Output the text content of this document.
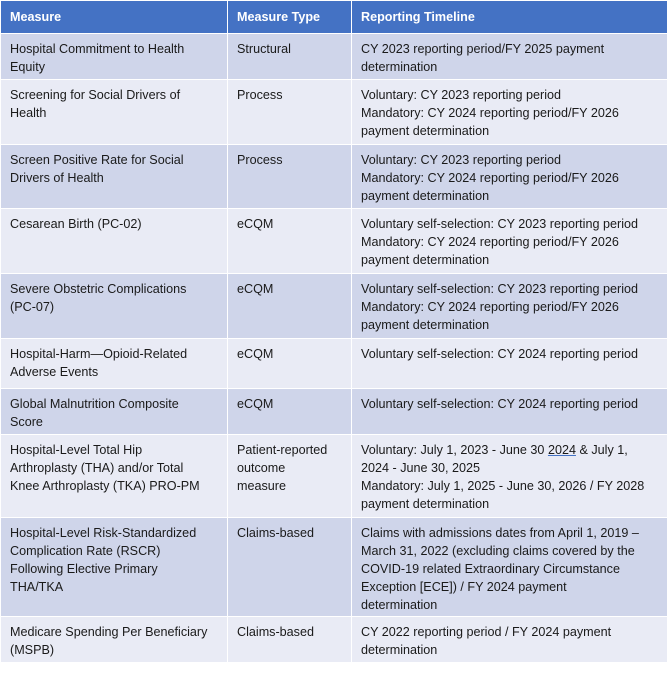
Measure	Measure Type	Reporting Timeline

Hospital Commitment to Health
Equity	Structural	CY 2023 reporting period/FY 2025 payment
determination

Screening for Social Drivers of
Health	Process	Voluntary: CY 2023 reporting period
Mandatory: CY 2024 reporting period/FY 2026
payment determination

Screen Positive Rate for Social
Drivers of Health	Process	Voluntary: CY 2023 reporting period
Mandatory: CY 2024 reporting period/FY 2026
payment determination

Cesarean Birth (PC-02)	eCQM	Voluntary self-selection: CY 2023 reporting period
Mandatory: CY 2024 reporting period/FY 2026
payment determination

Severe Obstetric Complications
(PC-07)	eCQM	Voluntary self-selection: CY 2023 reporting period
Mandatory: CY 2024 reporting period/FY 2026
payment determination

Hospital-Harm—Opioid-Related
Adverse Events	eCQM	Voluntary self-selection: CY 2024 reporting period

Global Malnutrition Composite
Score	eCQM	Voluntary self-selection: CY 2024 reporting period

Hospital-Level Total Hip
Arthroplasty (THA) and/or Total
Knee Arthroplasty (TKA) PRO-PM	Patient-reported
outcome
measure	Voluntary: July 1, 2023 - June 30 2024 & July 1,
2024 - June 30, 2025
Mandatory: July 1, 2025 - June 30, 2026 / FY 2028
payment determination

Hospital-Level Risk-Standardized
Complication Rate (RSCR)
Following Elective Primary
THA/TKA	Claims-based	Claims with admissions dates from April 1, 2019 –
March 31, 2022 (excluding claims covered by the
COVID-19 related Extraordinary Circumstance
Exception [ECE]) / FY 2024 payment
determination

Medicare Spending Per Beneficiary
(MSPB)	Claims-based	CY 2022 reporting period / FY 2024 payment
determination
